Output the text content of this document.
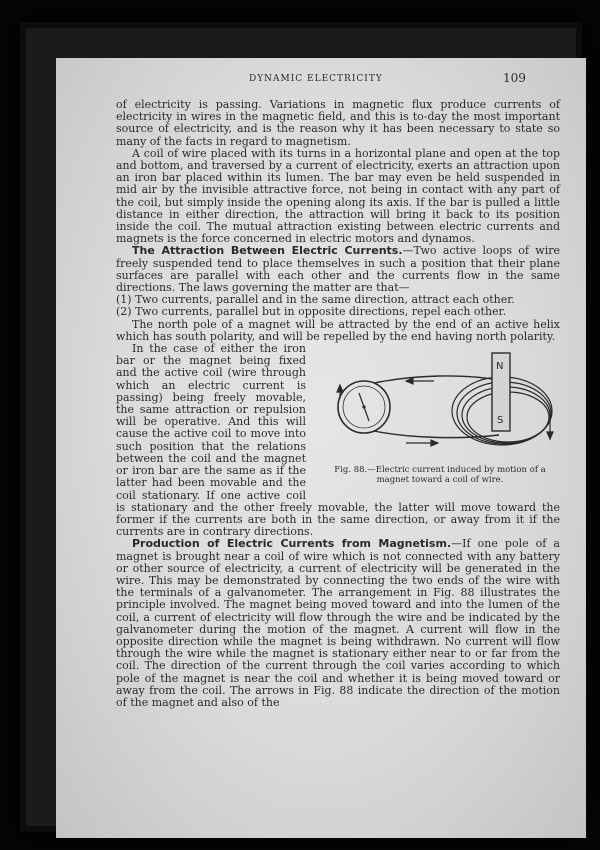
DYNAMIC ELECTRICITY	109

of electricity is passing. Variations in magnetic flux produce currents of electricity in wires in the magnetic field, and this is to-day the most important source of electricity, and is the reason why it has been necessary to state so many of the facts in regard to magnetism.

A coil of wire placed with its turns in a horizontal plane and open at the top and bottom, and traversed by a current of electricity, exerts an attraction upon an iron bar placed within its lumen. The bar may even be held suspended in mid air by the invisible attractive force, not being in contact with any part of the coil, but simply inside the opening along its axis. If the bar is pulled a little distance in either direction, the attraction will bring it back to its position inside the coil. The mutual attraction existing between electric currents and magnets is the force concerned in electric motors and dynamos.

The Attraction Between Electric Currents.—Two active loops of wire freely suspended tend to place themselves in such a position that their plane surfaces are parallel with each other and the currents flow in the same directions. The laws governing the matter are that—

(1) Two currents, parallel and in the same direction, attract each other.

(2) Two currents, parallel but in opposite directions, repel each other.

The north pole of a magnet will be attracted by the end of an active helix which has south polarity, and will be repelled by the end having north polarity.

N
S
Fig. 88.—Electric current induced by motion of a magnet toward a coil of wire.

In the case of either the iron bar or the magnet being fixed and the active coil (wire through which an electric current is passing) being freely movable, the same attraction or repulsion will be operative. And this will cause the active coil to move into such position that the relations between the coil and the magnet or iron bar are the same as if the latter had been movable and the coil stationary. If one active coil is stationary and the other freely movable, the latter will move toward the former if the currents are both in the same direction, or away from it if the currents are in contrary directions.

Production of Electric Currents from Magnetism.—If one pole of a magnet is brought near a coil of wire which is not connected with any battery or other source of electricity, a current of electricity will be generated in the wire. This may be demonstrated by connecting the two ends of the wire with the terminals of a galvanometer. The arrangement in Fig. 88 illustrates the principle involved. The magnet being moved toward and into the lumen of the coil, a current of electricity will flow through the wire and be indicated by the galvanometer during the motion of the magnet. A current will flow in the opposite direction while the magnet is being withdrawn. No current will flow through the wire while the magnet is stationary either near to or far from the coil. The direction of the current through the coil varies according to which pole of the magnet is near the coil and whether it is being moved toward or away from the coil. The arrows in Fig. 88 indicate the direction of the motion of the magnet and also of the
